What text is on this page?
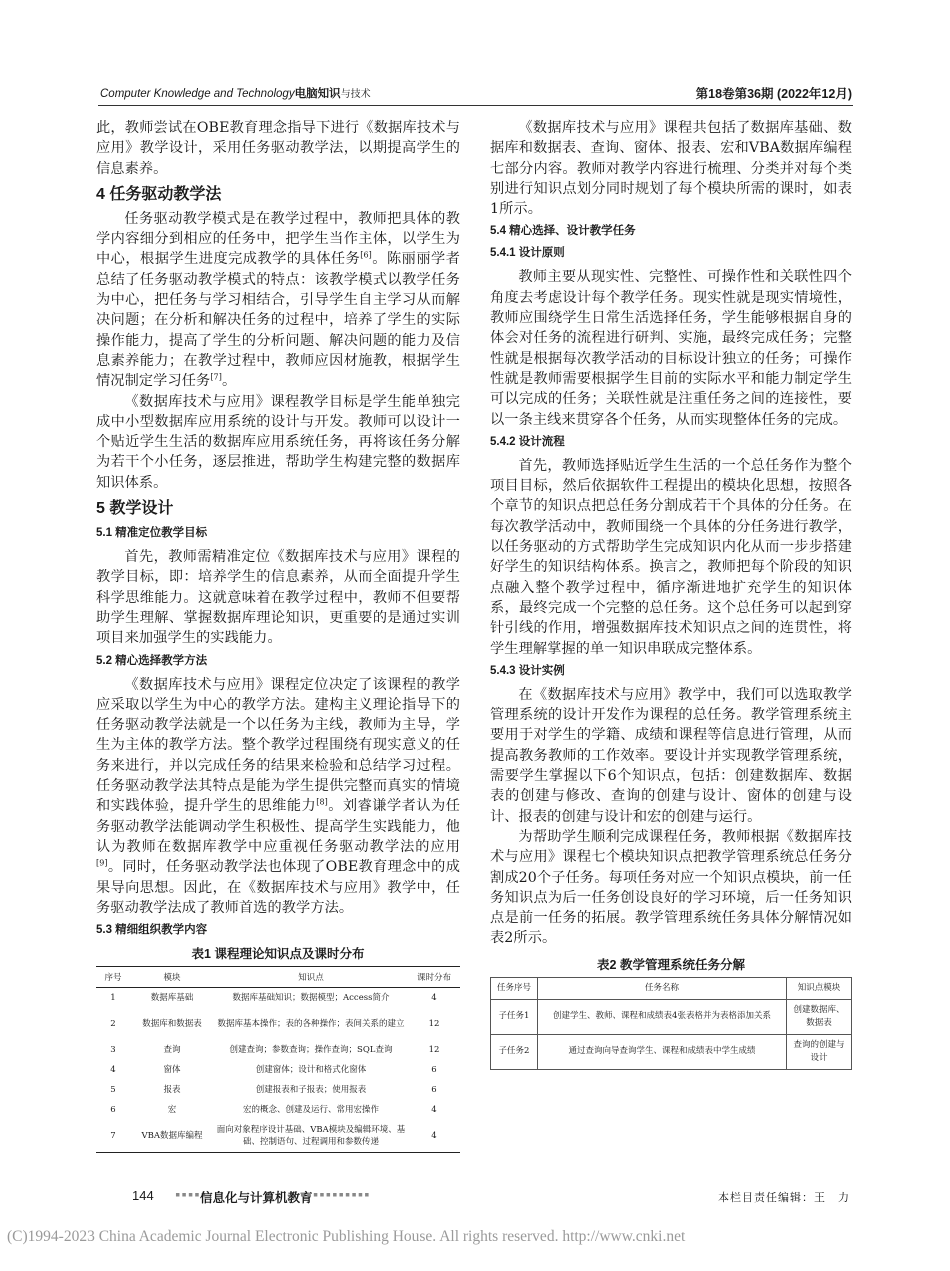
Computer Knowledge and Technology电脑知识与技术	第18卷第36期 (2022年12月)

此，教师尝试在OBE教育理念指导下进行《数据库技术与应用》教学设计，采用任务驱动教学法，以期提高学生的信息素养。

4 任务驱动教学法

任务驱动教学模式是在教学过程中，教师把具体的教学内容细分到相应的任务中，把学生当作主体，以学生为中心，根据学生进度完成教学的具体任务[6]。陈丽丽学者总结了任务驱动教学模式的特点：该教学模式以教学任务为中心，把任务与学习相结合，引导学生自主学习从而解决问题；在分析和解决任务的过程中，培养了学生的实际操作能力，提高了学生的分析问题、解决问题的能力及信息素养能力；在教学过程中，教师应因材施教，根据学生情况制定学习任务[7]。

《数据库技术与应用》课程教学目标是学生能单独完成中小型数据库应用系统的设计与开发。教师可以设计一个贴近学生生活的数据库应用系统任务，再将该任务分解为若干个小任务，逐层推进，帮助学生构建完整的数据库知识体系。

5 教学设计
5.1 精准定位教学目标

首先，教师需精准定位《数据库技术与应用》课程的教学目标，即：培养学生的信息素养，从而全面提升学生科学思维能力。这就意味着在教学过程中，教师不但要帮助学生理解、掌握数据库理论知识，更重要的是通过实训项目来加强学生的实践能力。

5.2 精心选择教学方法

《数据库技术与应用》课程定位决定了该课程的教学应采取以学生为中心的教学方法。建构主义理论指导下的任务驱动教学法就是一个以任务为主线，教师为主导，学生为主体的教学方法。整个教学过程围绕有现实意义的任务来进行，并以完成任务的结果来检验和总结学习过程。任务驱动教学法其特点是能为学生提供完整而真实的情境和实践体验，提升学生的思维能力[8]。刘睿谦学者认为任务驱动教学法能调动学生积极性、提高学生实践能力，他认为教师在数据库教学中应重视任务驱动教学法的应用[9]。同时，任务驱动教学法也体现了OBE教育理念中的成果导向思想。因此，在《数据库技术与应用》教学中，任务驱动教学法成了教师首选的教学方法。

5.3 精细组织教学内容
表1 课程理论知识点及课时分布
序号	模块	知识点	课时分布
1	数据库基础	数据库基础知识；数据模型；Access简介	4
2	数据库和数据表	数据库基本操作；表的各种操作；表间关系的建立	12
3	查询	创建查询；参数查询；操作查询；SQL查询	12
4	窗体	创建窗体；设计和格式化窗体	6
5	报表	创建报表和子报表；使用报表	6
6	宏	宏的概念、创建及运行、常用宏操作	4
7	VBA数据库编程	面向对象程序设计基础、VBA模块及编辑环境、基础、控制语句、过程调用和参数传递	4

《数据库技术与应用》课程共包括了数据库基础、数据库和数据表、查询、窗体、报表、宏和VBA数据库编程七部分内容。教师对教学内容进行梳理、分类并对每个类别进行知识点划分同时规划了每个模块所需的课时，如表1所示。

5.4 精心选择、设计教学任务
5.4.1 设计原则

教师主要从现实性、完整性、可操作性和关联性四个角度去考虑设计每个教学任务。现实性就是现实情境性，教师应围绕学生日常生活选择任务，学生能够根据自身的体会对任务的流程进行研判、实施，最终完成任务；完整性就是根据每次教学活动的目标设计独立的任务；可操作性就是教师需要根据学生目前的实际水平和能力制定学生可以完成的任务；关联性就是注重任务之间的连接性，要以一条主线来贯穿各个任务，从而实现整体任务的完成。

5.4.2 设计流程

首先，教师选择贴近学生生活的一个总任务作为整个项目目标，然后依据软件工程提出的模块化思想，按照各个章节的知识点把总任务分割成若干个具体的分任务。在每次教学活动中，教师围绕一个具体的分任务进行教学，以任务驱动的方式帮助学生完成知识内化从而一步步搭建好学生的知识结构体系。换言之，教师把每个阶段的知识点融入整个教学过程中，循序渐进地扩充学生的知识体系，最终完成一个完整的总任务。这个总任务可以起到穿针引线的作用，增强数据库技术知识点之间的连贯性，将学生理解掌握的单一知识串联成完整体系。

5.4.3 设计实例

在《数据库技术与应用》教学中，我们可以选取教学管理系统的设计开发作为课程的总任务。教学管理系统主要用于对学生的学籍、成绩和课程等信息进行管理，从而提高教务教师的工作效率。要设计并实现教学管理系统，需要学生掌握以下6个知识点，包括：创建数据库、数据表的创建与修改、查询的创建与设计、窗体的创建与设计、报表的创建与设计和宏的创建与运行。

为帮助学生顺利完成课程任务，教师根据《数据库技术与应用》课程七个模块知识点把教学管理系统总任务分割成20个子任务。每项任务对应一个知识点模块，前一任务知识点为后一任务创设良好的学习环境，后一任务知识点是前一任务的拓展。教学管理系统任务具体分解情况如表2所示。

表2 教学管理系统任务分解
任务序号	任务名称	知识点模块
子任务1	创建学生、教师、课程和成绩表4张表格并为表格添加关系	创建数据库、数据表
子任务2	通过查询向导查询学生、课程和成绩表中学生成绩	查询的创建与设计
144 ▪▪▪▪▪
信息化与计算机教育
▪▪▪▪▪▪▪▪▪▪▪	本栏目责任编辑：王　力
(C)1994-2023 China Academic Journal Electronic Publishing House. All rights reserved. http://www.cnki.net
